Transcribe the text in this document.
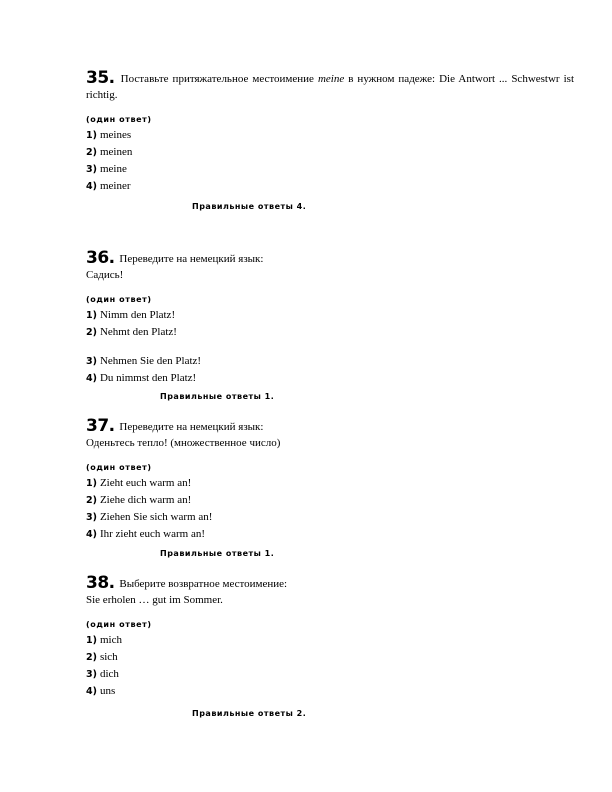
35. Поставьте притяжательное местоимение meine в нужном падеже: Die Antwort ... Schwestwr ist richtig.

(один ответ)

1) meines

2) meinen

3) meine

4) meiner

Правильные ответы 4.

36. Переведите на немецкий язык:

Садись!

(один ответ)

1) Nimm den Platz!

2) Nehmt den Platz!

3) Nehmen Sie den Platz!

4) Du nimmst den Platz!

Правильные ответы 1.

37. Переведите на немецкий язык:

Оденьтесь тепло! (множественное число)

(один ответ)

1) Zieht euch warm an!

2) Ziehe dich warm an!

3) Ziehen Sie sich warm an!

4) Ihr zieht euch warm an!

Правильные ответы 1.

38. Выберите возвратное местоимение:

Sie erholen … gut im Sommer.

(один ответ)

1) mich

2) sich

3) dich

4) uns

Правильные ответы 2.
